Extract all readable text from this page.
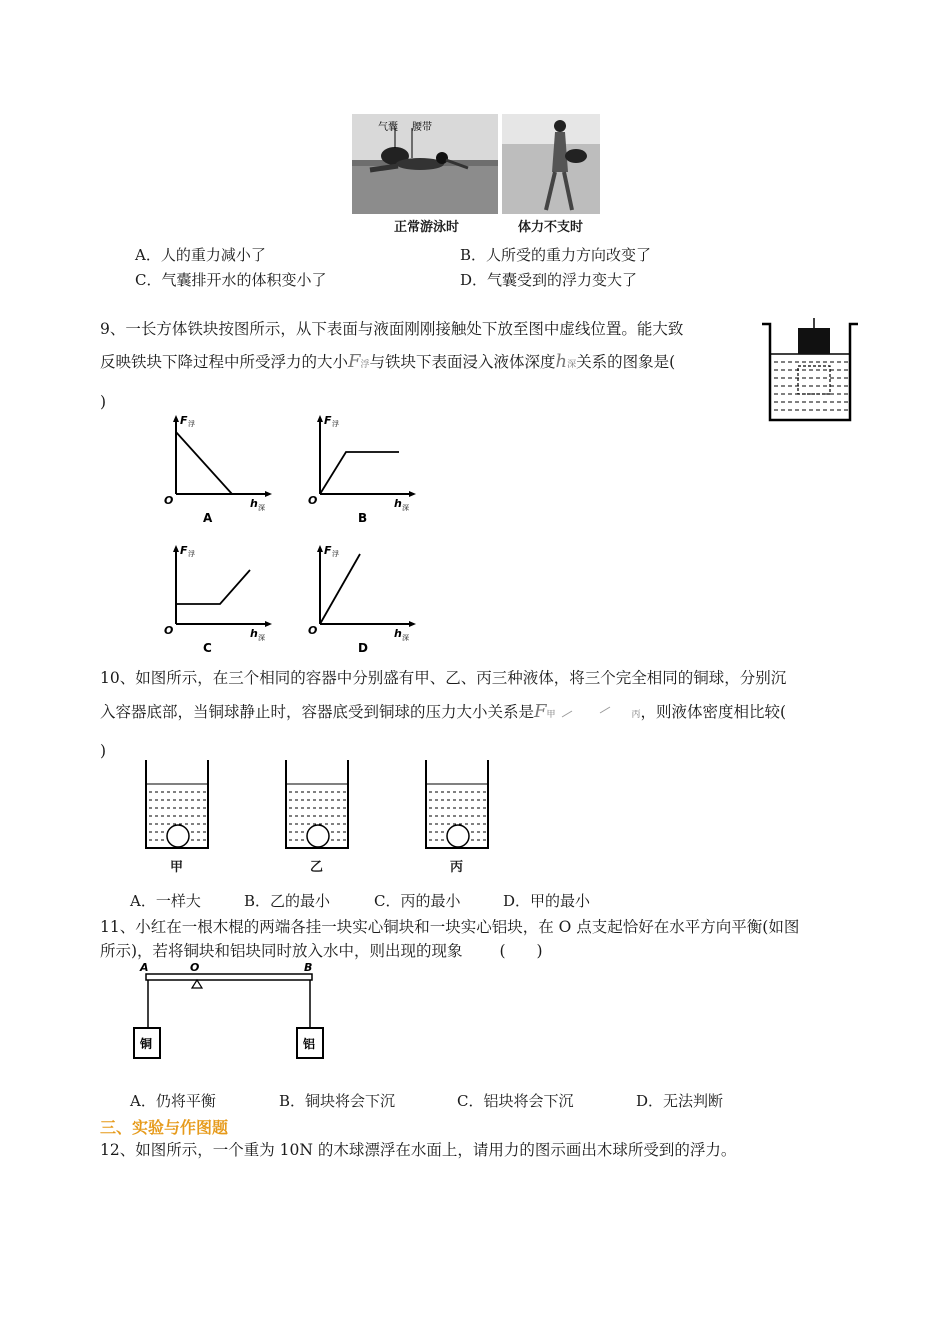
气囊 腰带
正常游泳时	体力不支时
A．人的重力减小了	B．人所受的重力方向改变了
C．气囊排开水的体积变小了	D．气囊受到的浮力变大了
9、一长方体铁块按图所示，从下表面与液面刚刚接触处下放至图中虚线位置。能大致
反映铁块下降过程中所受浮力的大小F浮与铁块下表面浸入液体深度h深关系的图象是(
)
F 浮
O	h 深
A
F 浮
O	h 深
B
F 浮
O	h 深
C
F 浮
O	h 深
D
10、如图所示，在三个相同的容器中分别盛有甲、乙、丙三种液体，将三个完全相同的铜球，分别沉
入容器底部，当铜球静止时，容器底受到铜球的压力大小关系是F甲	丙，则液体密度相比较(
)
甲	乙	丙
A．一样大	B．乙的最小	C．丙的最小	D．甲的最小
11、小红在一根木棍的两端各挂一块实心铜块和一块实心铝块，在 O 点支起恰好在水平方向平衡(如图
所示)，若将铜块和铝块同时放入水中，则出现的现象 (　　)
A	O	B
铜	铝
A．仍将平衡	B．铜块将会下沉	C．铝块将会下沉	D．无法判断
三、实验与作图题
12、如图所示，一个重为 10N 的木球漂浮在水面上，请用力的图示画出木球所受到的浮力。
